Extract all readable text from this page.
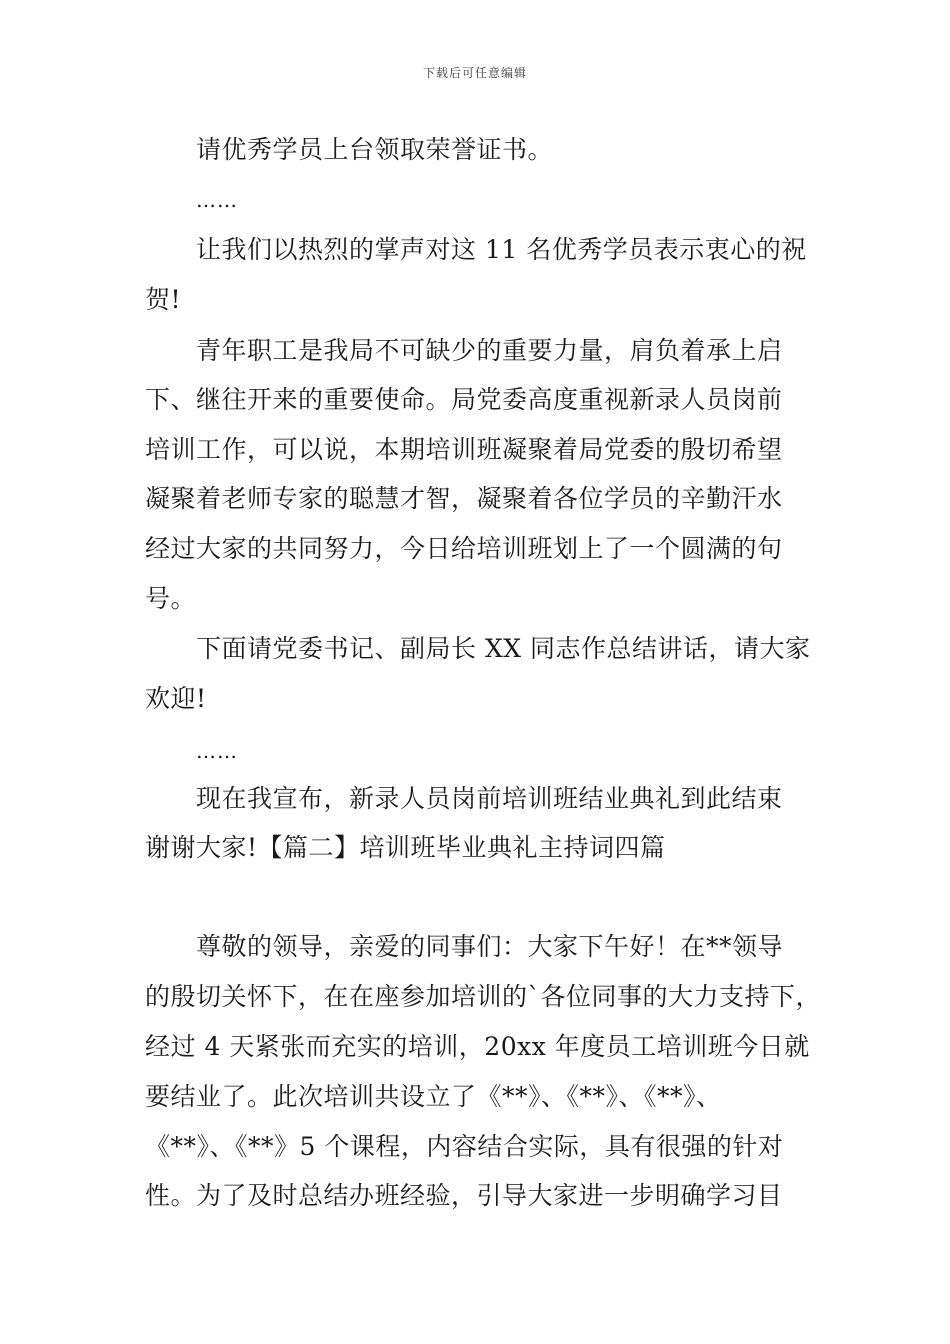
下载后可任意编辑
请优秀学员上台领取荣誉证书。
……
让我们以热烈的掌声对这 11 名优秀学员表示衷心的祝
贺!
青年职工是我局不可缺少的重要力量，肩负着承上启
下、继往开来的重要使命。局党委高度重视新录人员岗前
培训工作，可以说，本期培训班凝聚着局党委的殷切希望
凝聚着老师专家的聪慧才智，凝聚着各位学员的辛勤汗水
经过大家的共同努力，今日给培训班划上了一个圆满的句
号。
下面请党委书记、副局长 XX 同志作总结讲话，请大家
欢迎!
……
现在我宣布，新录人员岗前培训班结业典礼到此结束
谢谢大家!【篇二】培训班毕业典礼主持词四篇
尊敬的领导，亲爱的同事们：大家下午好！在**领导
的殷切关怀下，在在座参加培训的`各位同事的大力支持下，
经过 4 天紧张而充实的培训，20xx 年度员工培训班今日就
要结业了。此次培训共设立了《**》、《**》、《**》、
《**》、《**》5 个课程，内容结合实际，具有很强的针对
性。为了及时总结办班经验，引导大家进一步明确学习目
